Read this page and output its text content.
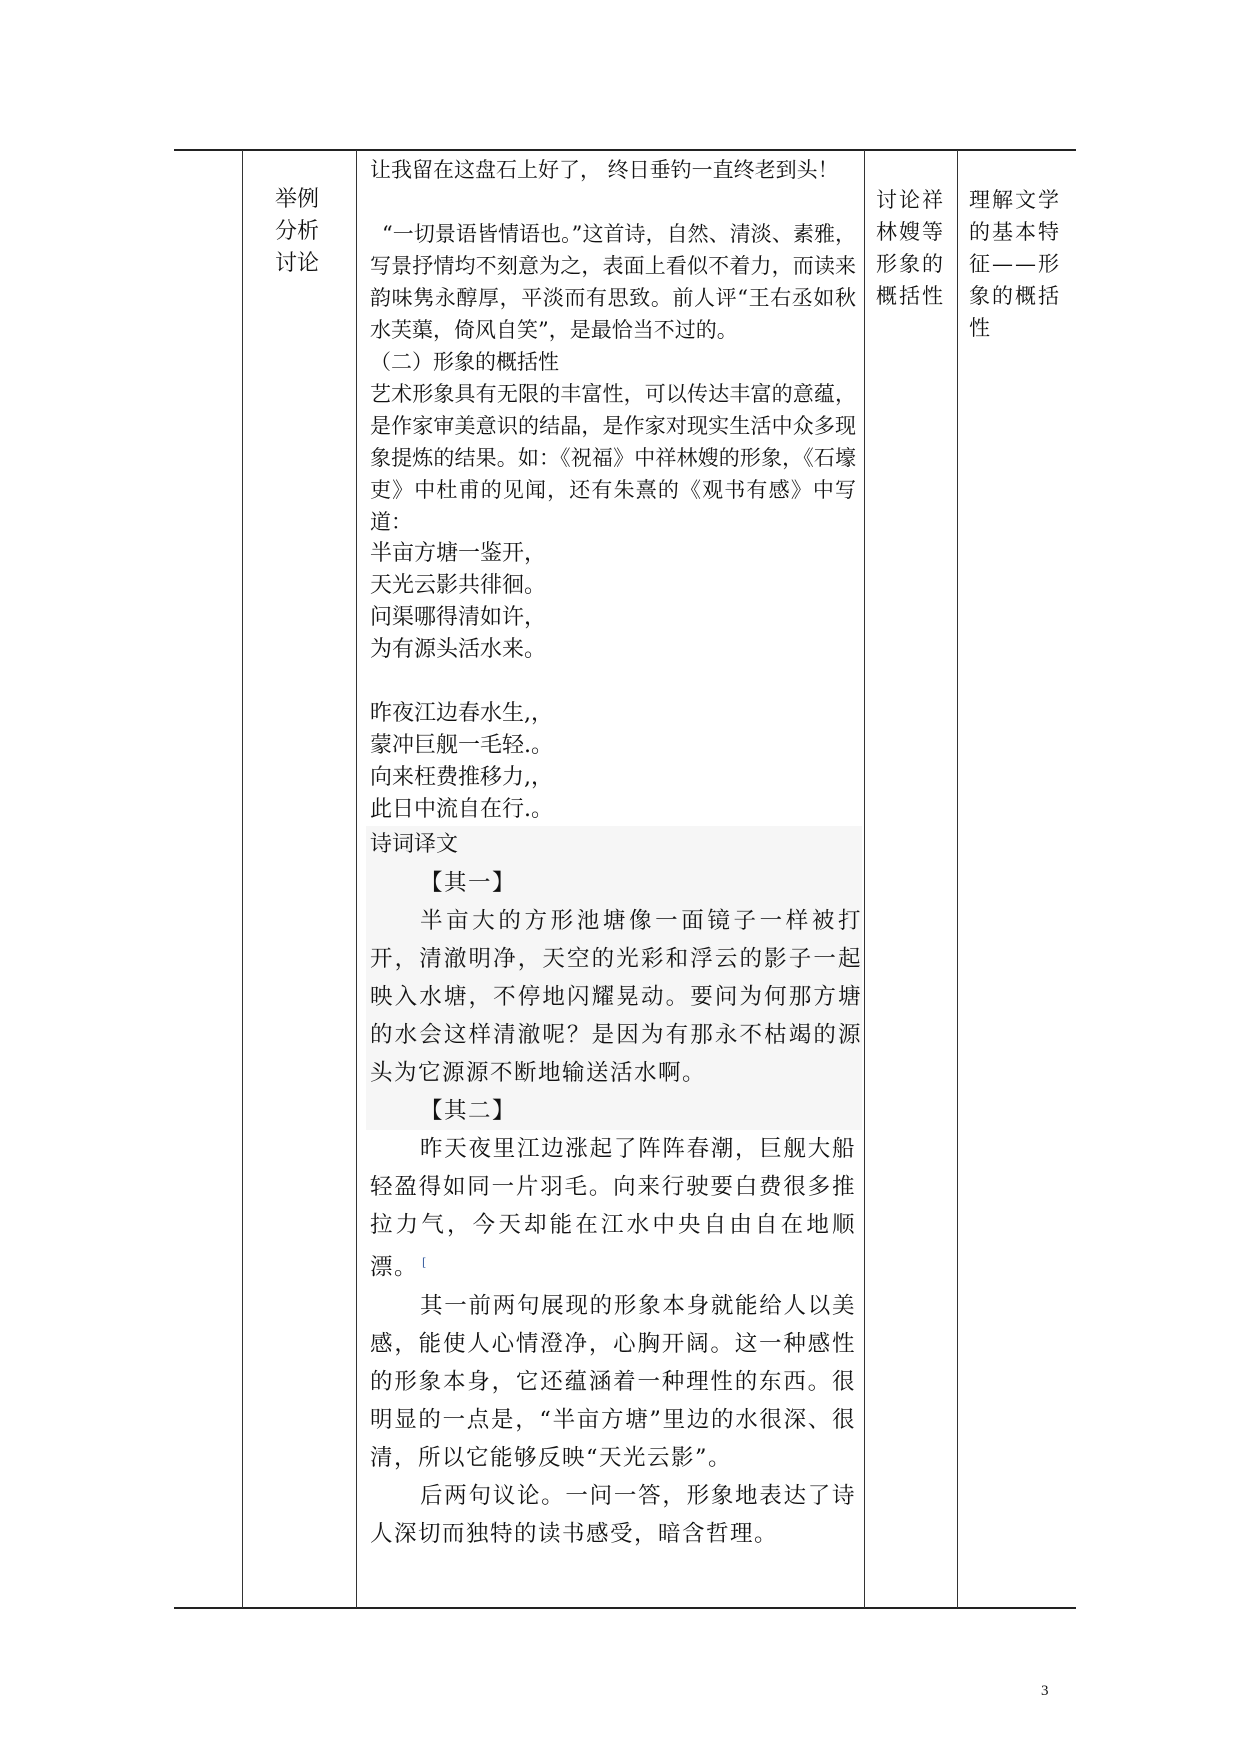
举例
分析
讨论

让我留在这盘石上好了， 终日垂钓一直终老到头！

“一切景语皆情语也。”这首诗，自然、清淡、素雅，写景抒情均不刻意为之，表面上看似不着力，而读来韵味隽永醇厚，平淡而有思致。前人评“王右丞如秋水芙蕖，倚风自笑”，是最恰当不过的。

（二）形象的概括性

艺术形象具有无限的丰富性，可以传达丰富的意蕴，是作家审美意识的结晶，是作家对现实生活中众多现象提炼的结果。如：《祝福》中祥林嫂的形象，《石壕吏》中杜甫的见闻，还有朱熹的《观书有感》中写道：

半亩方塘一鉴开，

天光云影共徘徊。

问渠哪得清如许，

为有源头活水来。

昨夜江边春水生,，

蒙冲巨舰一毛轻.。

向来枉费推移力,，

此日中流自在行.。

诗词译文

【其一】

半亩大的方形池塘像一面镜子一样被打开，清澈明净，天空的光彩和浮云的影子一起映入水塘，不停地闪耀晃动。要问为何那方塘的水会这样清澈呢？是因为有那永不枯竭的源头为它源源不断地输送活水啊。

【其二】

昨天夜里江边涨起了阵阵春潮，巨舰大船轻盈得如同一片羽毛。向来行驶要白费很多推拉力气，今天却能在江水中央自由自在地顺漂。 [

其一前两句展现的形象本身就能给人以美感，能使人心情澄净，心胸开阔。这一种感性的形象本身，它还蕴涵着一种理性的东西。很明显的一点是，“半亩方塘”里边的水很深、很清，所以它能够反映“天光云影”。

后两句议论。一问一答，形象地表达了诗人深切而独特的读书感受，暗含哲理。

讨论祥
林嫂等
形象的
概括性
理解文学
的基本特
征——形
象的概括
性
3
